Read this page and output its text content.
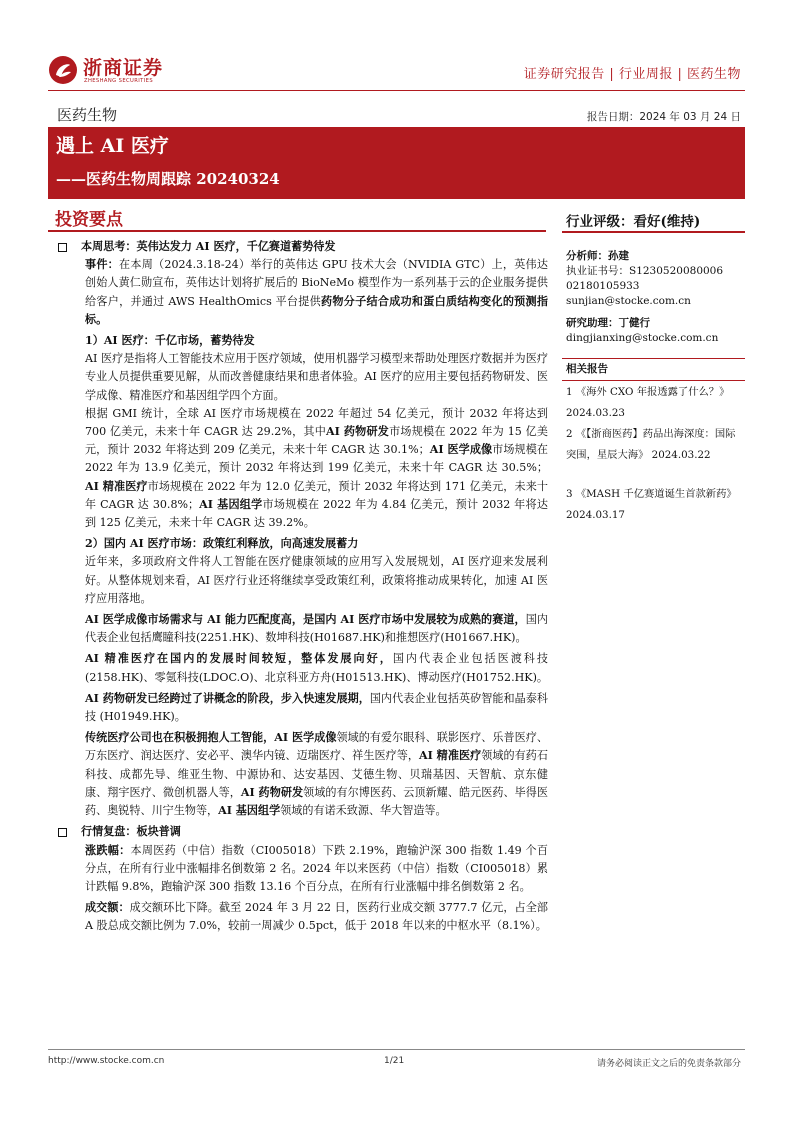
浙商证券
ZHESHANG SECURITIES	证券研究报告 | 行业周报 | 医药生物
医药生物	报告日期：2024 年 03 月 24 日
遇上 AI 医疗
——医药生物周跟踪 20240324
投资要点
本周思考：英伟达发力 AI 医疗，千亿赛道蓄势待发

事件：在本周（2024.3.18-24）举行的英伟达 GPU 技术大会（NVIDIA GTC）上，英伟达创始人黄仁勋宣布，英伟达计划将扩展后的 BioNeMo 模型作为一系列基于云的企业服务提供给客户，并通过 AWS HealthOmics 平台提供药物分子结合成功和蛋白质结构变化的预测指标。

1）AI 医疗：千亿市场，蓄势待发

AI 医疗是指将人工智能技术应用于医疗领域，使用机器学习模型来帮助处理医疗数据并为医疗专业人员提供重要见解，从而改善健康结果和患者体验。AI 医疗的应用主要包括药物研发、医学成像、精准医疗和基因组学四个方面。

根据 GMI 统计，全球 AI 医疗市场规模在 2022 年超过 54 亿美元，预计 2032 年将达到 700 亿美元，未来十年 CAGR 达 29.2%，其中AI 药物研发市场规模在 2022 年为 15 亿美元，预计 2032 年将达到 209 亿美元，未来十年 CAGR 达 30.1%；AI 医学成像市场规模在 2022 年为 13.9 亿美元，预计 2032 年将达到 199 亿美元，未来十年 CAGR 达 30.5%；AI 精准医疗市场规模在 2022 年为 12.0 亿美元，预计 2032 年将达到 171 亿美元，未来十年 CAGR 达 30.8%；AI 基因组学市场规模在 2022 年为 4.84 亿美元，预计 2032 年将达到 125 亿美元，未来十年 CAGR 达 39.2%。

2）国内 AI 医疗市场：政策红利释放，向高速发展蓄力

近年来，多项政府文件将人工智能在医疗健康领域的应用写入发展规划，AI 医疗迎来发展利好。从整体规划来看，AI 医疗行业还将继续享受政策红利，政策将推动成果转化，加速 AI 医疗应用落地。

AI 医学成像市场需求与 AI 能力匹配度高，是国内 AI 医疗市场中发展较为成熟的赛道，国内代表企业包括鹰瞳科技(2251.HK)、数坤科技(H01687.HK)和推想医疗(H01667.HK)。

AI 精准医疗在国内的发展时间较短，整体发展向好，国内代表企业包括医渡科技(2158.HK)、零氪科技(LDOC.O)、北京科亚方舟(H01513.HK)、博动医疗(H01752.HK)。

AI 药物研发已经跨过了讲概念的阶段，步入快速发展期，国内代表企业包括英矽智能和晶泰科技 (H01949.HK)。

传统医疗公司也在积极拥抱人工智能，AI 医学成像领域的有爱尔眼科、联影医疗、乐普医疗、万东医疗、润达医疗、安必平、澳华内镜、迈瑞医疗、祥生医疗等，AI 精准医疗领域的有药石科技、成都先导、维亚生物、中源协和、达安基因、艾德生物、贝瑞基因、天智航、京东健康、翔宇医疗、微创机器人等，AI 药物研发领域的有尔博医药、云顶新耀、皓元医药、毕得医药、奥锐特、川宁生物等，AI 基因组学领域的有诺禾致源、华大智造等。

行情复盘：板块普调

涨跌幅：本周医药（中信）指数（CI005018）下跌 2.19%，跑输沪深 300 指数 1.49 个百分点，在所有行业中涨幅排名倒数第 2 名。2024 年以来医药（中信）指数（CI005018）累计跌幅 9.8%，跑输沪深 300 指数 13.16 个百分点，在所有行业涨幅中排名倒数第 2 名。

成交额：成交额环比下降。截至 2024 年 3 月 22 日，医药行业成交额 3777.7 亿元，占全部 A 股总成交额比例为 7.0%，较前一周减少 0.5pct，低于 2018 年以来的中枢水平（8.1%）。

行业评级：看好(维持)
分析师：孙建
执业证书号：S1230520080006
02180105933
sunjian@stocke.com.cn
研究助理：丁健行
dingjianxing@stocke.com.cn
相关报告
1 《海外 CXO 年报透露了什么？》 2024.03.23
2 《【浙商医药】药品出海深度：国际突围，星辰大海》 2024.03.22
3 《MASH 千亿赛道诞生首款新药》 2024.03.17
http://www.stocke.com.cn	1/21	请务必阅读正文之后的免责条款部分
